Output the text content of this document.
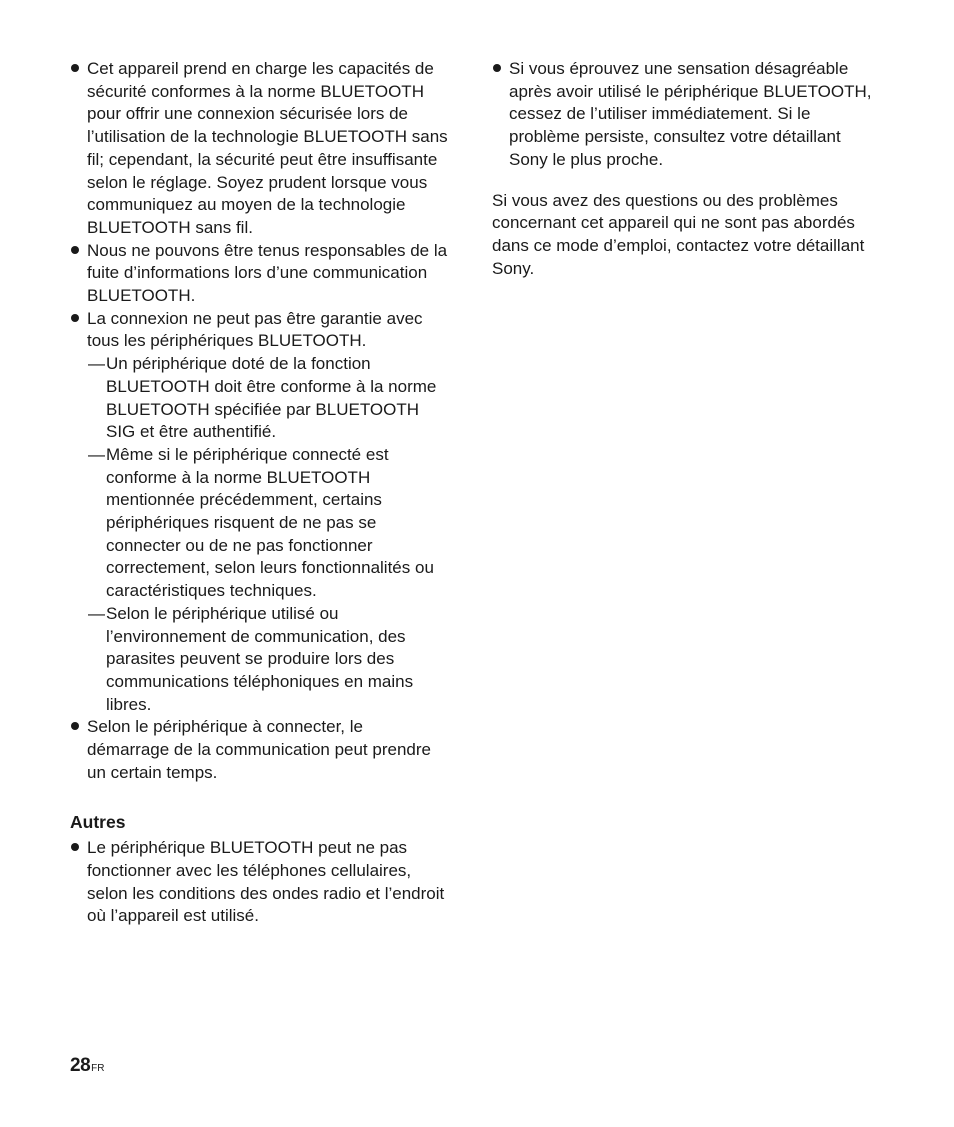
Cet appareil prend en charge les capacités de sécurité conformes à la norme BLUETOOTH pour offrir une connexion sécurisée lors de l’utilisation de la technologie BLUETOOTH sans fil; cependant, la sécurité peut être insuffisante selon le réglage. Soyez prudent lorsque vous communiquez au moyen de la technologie BLUETOOTH sans fil.
Nous ne pouvons être tenus responsables de la fuite d’informations lors d’une communication BLUETOOTH.
La connexion ne peut pas être garantie avec tous les périphériques BLUETOOTH.
— Un périphérique doté de la fonction BLUETOOTH doit être conforme à la norme BLUETOOTH spécifiée par BLUETOOTH SIG et être authentifié.
— Même si le périphérique connecté est conforme à la norme BLUETOOTH mentionnée précédemment, certains périphériques risquent de ne pas se connecter ou de ne pas fonctionner correctement, selon leurs fonctionnalités ou caractéristiques techniques.
— Selon le périphérique utilisé ou l’environnement de communication, des parasites peuvent se produire lors des communications téléphoniques en mains libres.
Selon le périphérique à connecter, le démarrage de la communication peut prendre un certain temps.
Autres
Le périphérique BLUETOOTH peut ne pas fonctionner avec les téléphones cellulaires, selon les conditions des ondes radio et l’endroit où l’appareil est utilisé.
Si vous éprouvez une sensation désagréable après avoir utilisé le périphérique BLUETOOTH, cessez de l’utiliser immédiatement. Si le problème persiste, consultez votre détaillant Sony le plus proche.

Si vous avez des questions ou des problèmes concernant cet appareil qui ne sont pas abordés dans ce mode d’emploi, contactez votre détaillant Sony.

28FR
